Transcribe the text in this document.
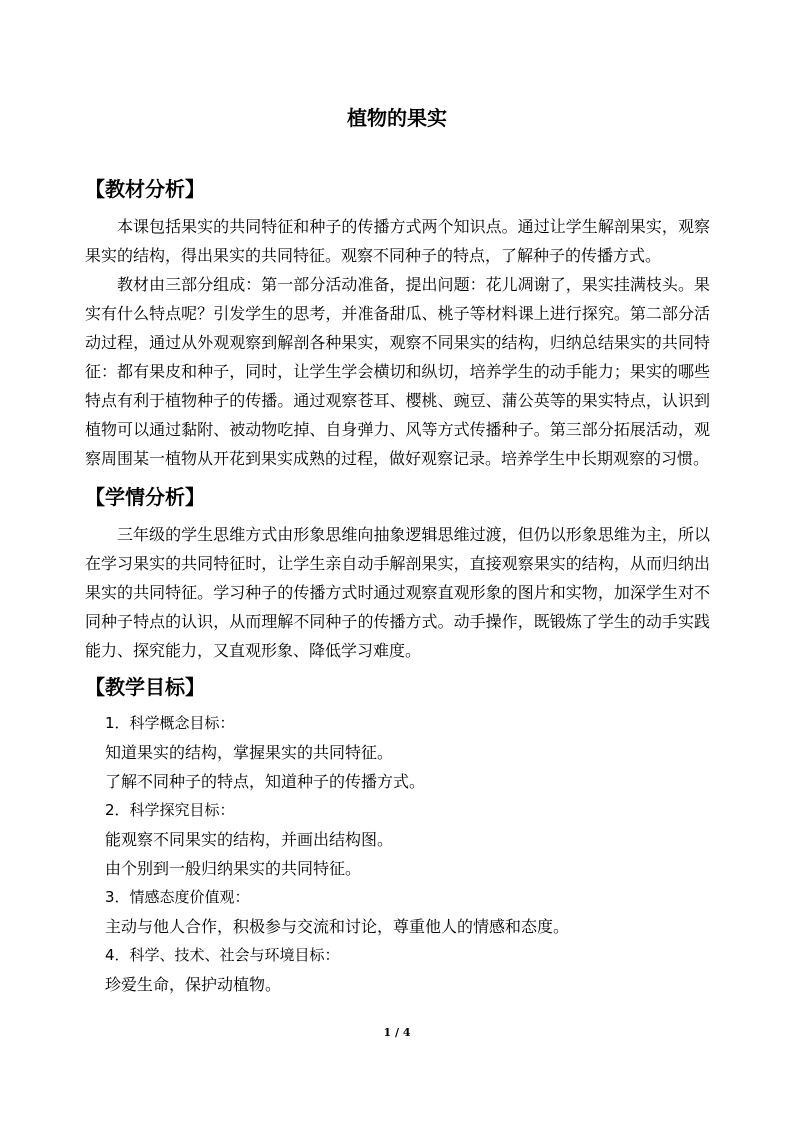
植物的果实
【教材分析】

本课包括果实的共同特征和种子的传播方式两个知识点。通过让学生解剖果实，观察果实的结构，得出果实的共同特征。观察不同种子的特点，了解种子的传播方式。

教材由三部分组成：第一部分活动准备，提出问题：花儿凋谢了，果实挂满枝头。果实有什么特点呢？引发学生的思考，并准备甜瓜、桃子等材料课上进行探究。第二部分活动过程，通过从外观观察到解剖各种果实，观察不同果实的结构，归纳总结果实的共同特征：都有果皮和种子，同时，让学生学会横切和纵切，培养学生的动手能力；果实的哪些特点有利于植物种子的传播。通过观察苍耳、樱桃、豌豆、蒲公英等的果实特点，认识到植物可以通过黏附、被动物吃掉、自身弹力、风等方式传播种子。第三部分拓展活动，观察周围某一植物从开花到果实成熟的过程，做好观察记录。培养学生中长期观察的习惯。

【学情分析】

三年级的学生思维方式由形象思维向抽象逻辑思维过渡，但仍以形象思维为主，所以在学习果实的共同特征时，让学生亲自动手解剖果实，直接观察果实的结构，从而归纳出果实的共同特征。学习种子的传播方式时通过观察直观形象的图片和实物，加深学生对不同种子特点的认识，从而理解不同种子的传播方式。动手操作，既锻炼了学生的动手实践能力、探究能力，又直观形象、降低学习难度。

【教学目标】

1．科学概念目标：

知道果实的结构，掌握果实的共同特征。

了解不同种子的特点，知道种子的传播方式。

2．科学探究目标：

能观察不同果实的结构，并画出结构图。

由个别到一般归纳果实的共同特征。

3．情感态度价值观：

主动与他人合作，积极参与交流和讨论，尊重他人的情感和态度。

4．科学、技术、社会与环境目标：

珍爱生命，保护动植物。

1 / 4
